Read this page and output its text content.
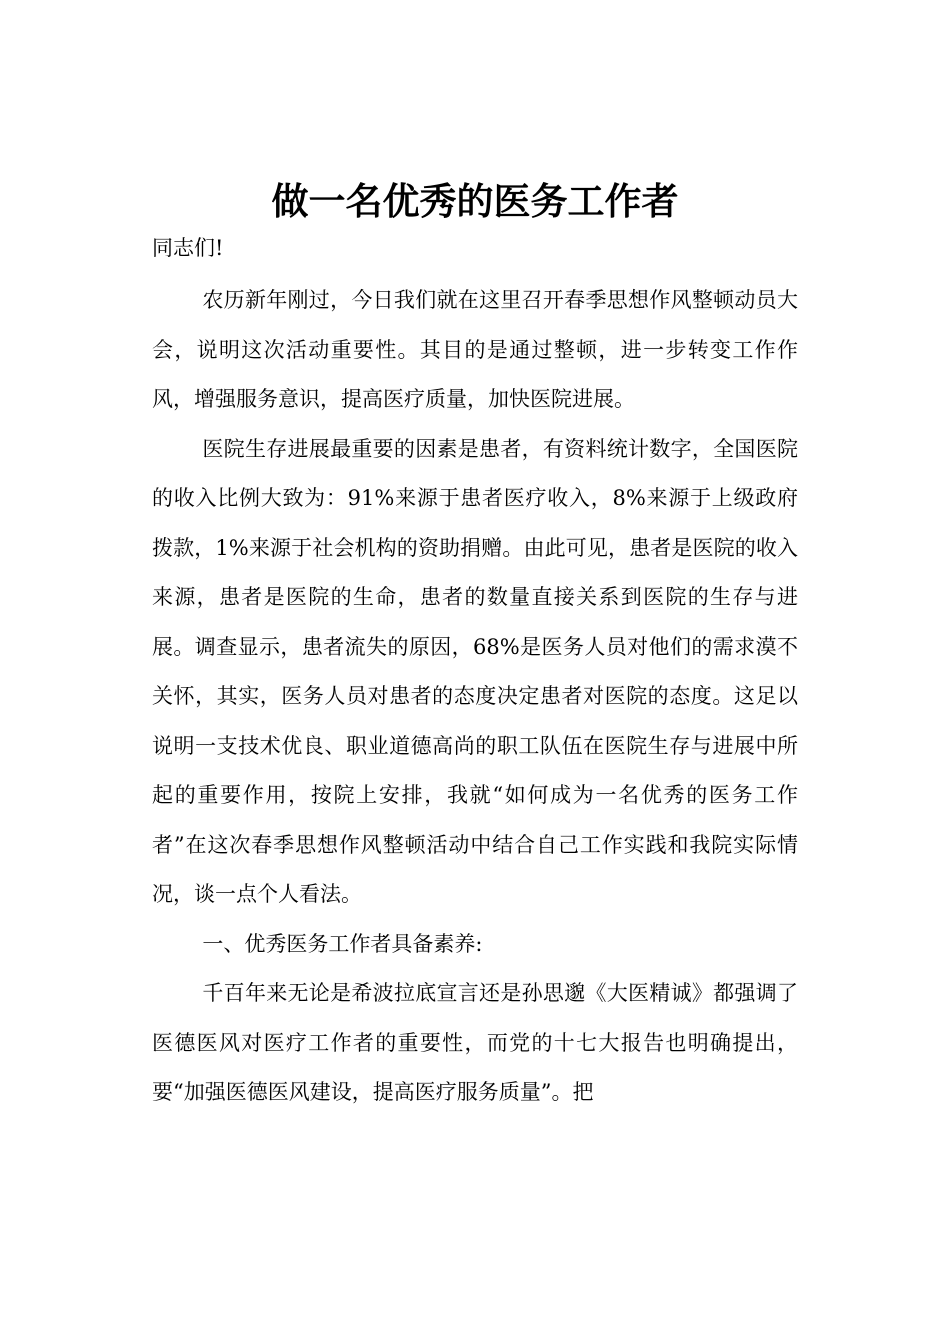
做一名优秀的医务工作者

同志们!

农历新年刚过，今日我们就在这里召开春季思想作风整顿动员大会，说明这次活动重要性。其目的是通过整顿，进一步转变工作作风，增强服务意识，提高医疗质量，加快医院进展。

医院生存进展最重要的因素是患者，有资料统计数字，全国医院的收入比例大致为：91%来源于患者医疗收入，8%来源于上级政府拨款，1%来源于社会机构的资助捐赠。由此可见，患者是医院的收入来源，患者是医院的生命，患者的数量直接关系到医院的生存与进展。调查显示，患者流失的原因，68%是医务人员对他们的需求漠不关怀，其实，医务人员对患者的态度决定患者对医院的态度。这足以说明一支技术优良、职业道德高尚的职工队伍在医院生存与进展中所起的重要作用，按院上安排，我就“如何成为一名优秀的医务工作者”在这次春季思想作风整顿活动中结合自己工作实践和我院实际情况，谈一点个人看法。

一、优秀医务工作者具备素养:

千百年来无论是希波拉底宣言还是孙思邈《大医精诚》都强调了医德医风对医疗工作者的重要性，而党的十七大报告也明确提出，要“加强医德医风建设，提高医疗服务质量”。把
